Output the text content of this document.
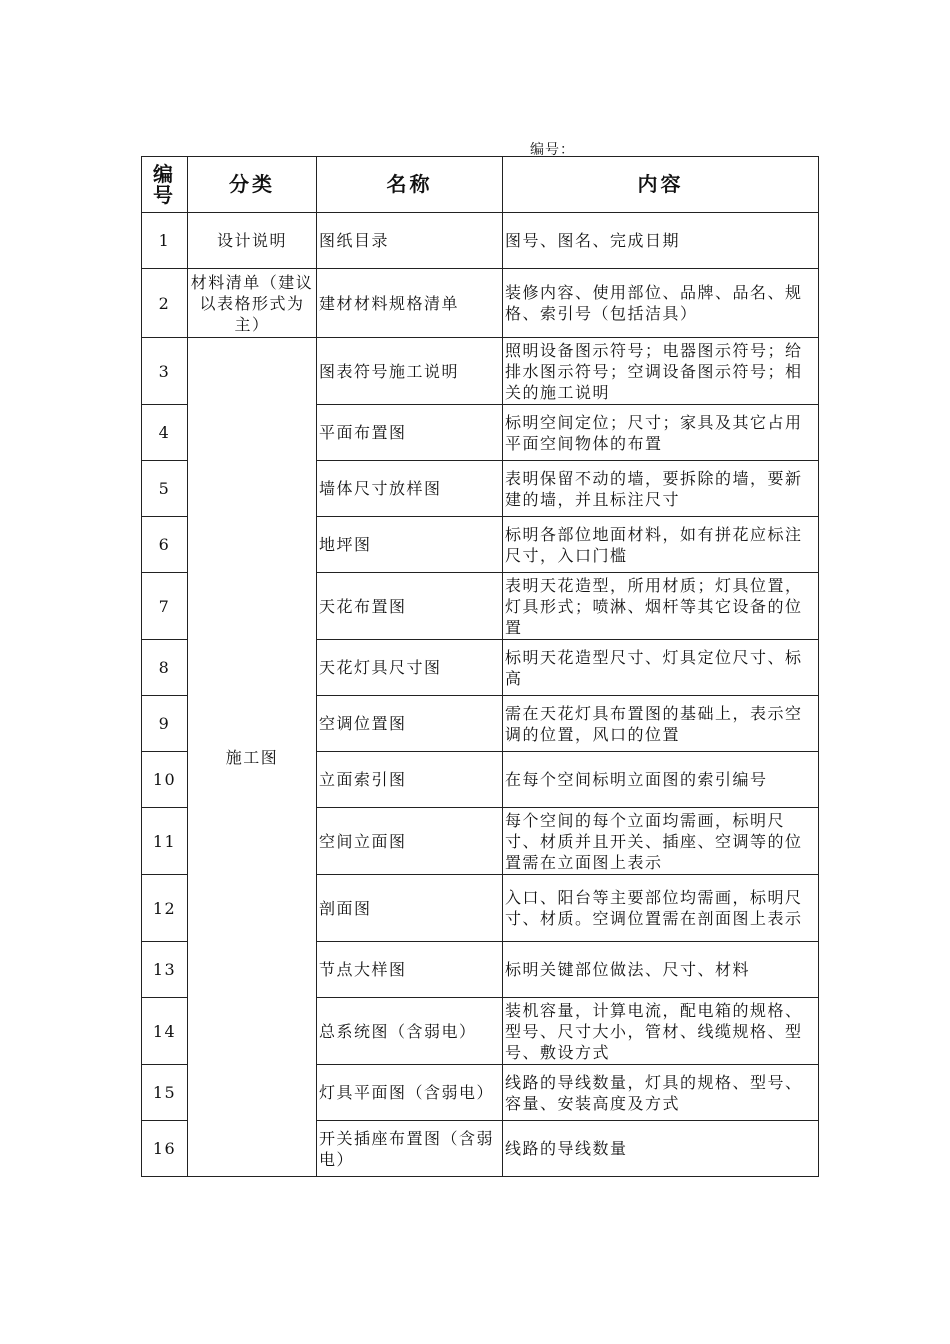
编号：
编号	分类	名称	内容
1	设计说明	图纸目录	图号、图名、完成日期
2	材料清单（建议以表格形式为主）	建材材料规格清单	装修内容、使用部位、品牌、品名、规格、索引号（包括洁具）
3	施工图	图表符号施工说明	照明设备图示符号；电器图示符号；给排水图示符号；空调设备图示符号；相关的施工说明
4		平面布置图	标明空间定位；尺寸；家具及其它占用平面空间物体的布置
5		墙体尺寸放样图	表明保留不动的墙，要拆除的墙，要新建的墙，并且标注尺寸
6		地坪图	标明各部位地面材料，如有拼花应标注尺寸，入口门槛
7		天花布置图	表明天花造型，所用材质；灯具位置，灯具形式；喷淋、烟杆等其它设备的位置
8		天花灯具尺寸图	标明天花造型尺寸、灯具定位尺寸、标高
9		空调位置图	需在天花灯具布置图的基础上，表示空调的位置，风口的位置
10		立面索引图	在每个空间标明立面图的索引编号
11		空间立面图	每个空间的每个立面均需画，标明尺寸、材质并且开关、插座、空调等的位置需在立面图上表示
12		剖面图	入口、阳台等主要部位均需画，标明尺寸、材质。空调位置需在剖面图上表示
13		节点大样图	标明关键部位做法、尺寸、材料
14		总系统图（含弱电）	装机容量，计算电流，配电箱的规格、型号、尺寸大小，管材、线缆规格、型号、敷设方式
15		灯具平面图（含弱电）	线路的导线数量，灯具的规格、型号、容量、安装高度及方式
16		开关插座布置图（含弱电）	线路的导线数量
